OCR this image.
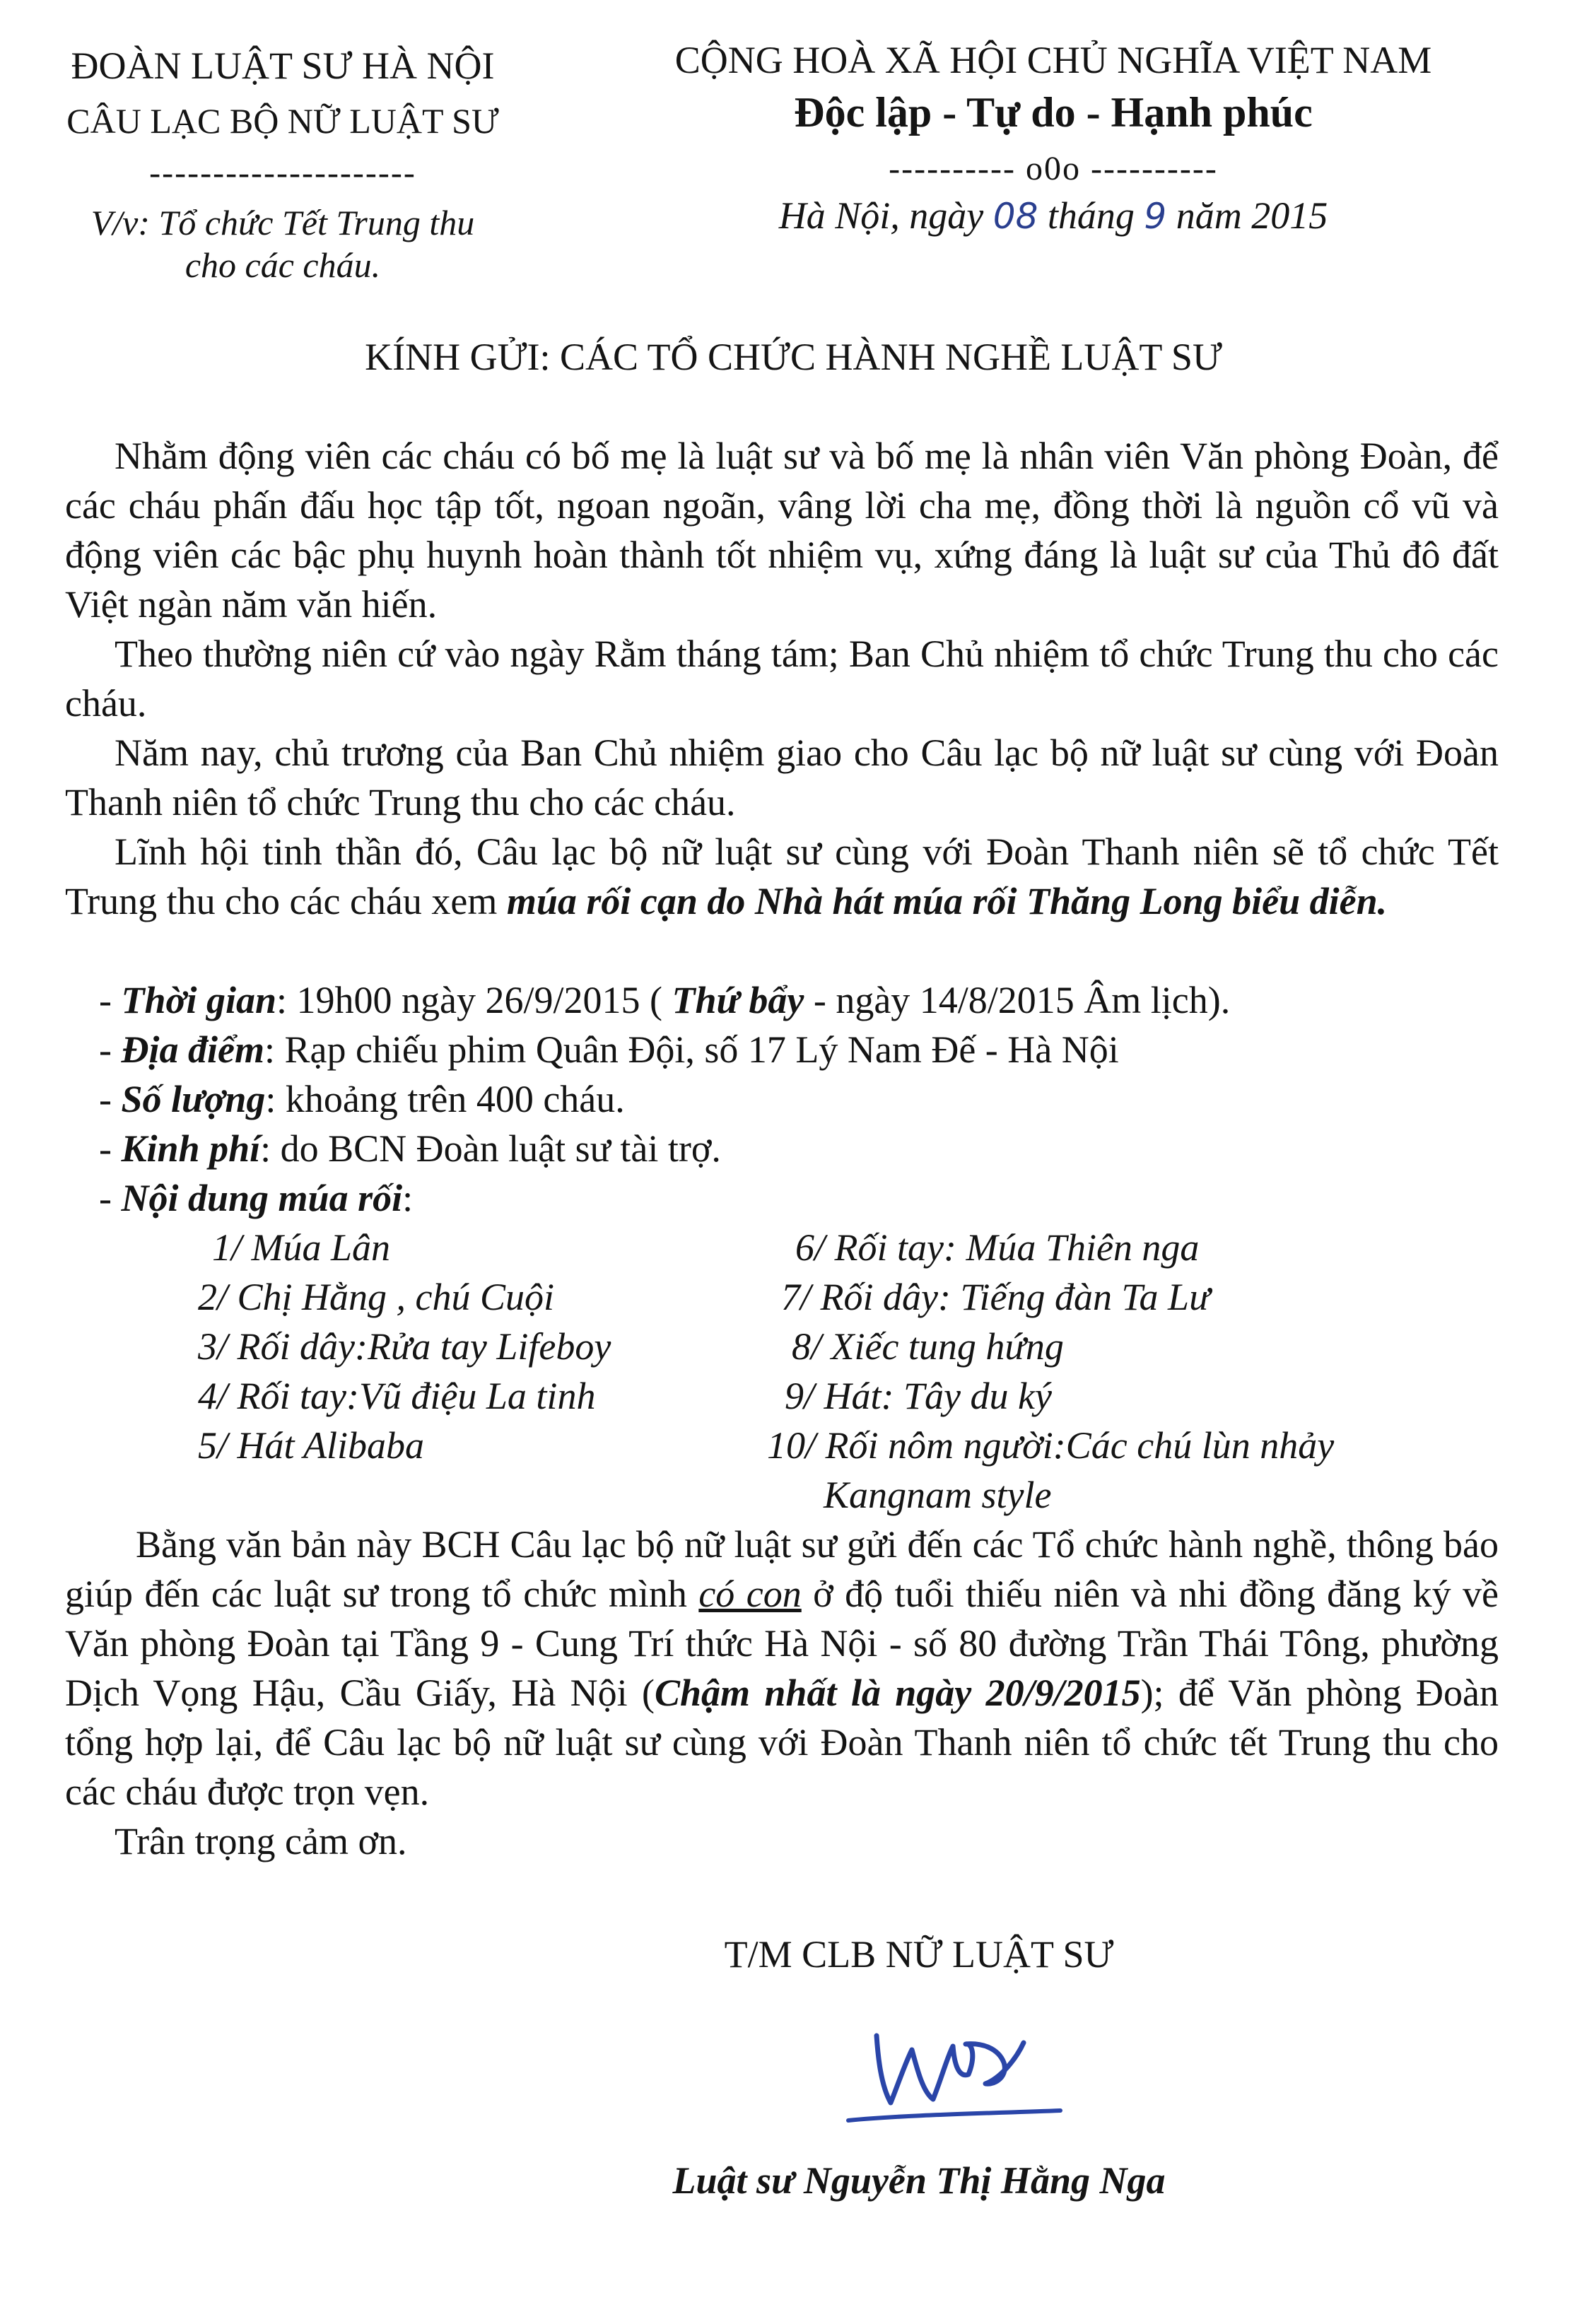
ĐOÀN LUẬT SƯ HÀ NỘI
CÂU LẠC BỘ NỮ LUẬT SƯ
---------------------
V/v: Tổ chức Tết Trung thu
cho các cháu.
CỘNG HOÀ XÃ HỘI CHỦ NGHĨA VIỆT NAM
Độc lập - Tự do - Hạnh phúc
---------- o0o ----------
Hà Nội, ngày 08 tháng 9 năm 2015
KÍNH GỬI: CÁC TỔ CHỨC HÀNH NGHỀ LUẬT SƯ
Nhằm động viên các cháu có bố mẹ là luật sư và bố mẹ là nhân viên Văn phòng Đoàn, để các cháu phấn đấu học tập tốt, ngoan ngoãn, vâng lời cha mẹ, đồng thời là nguồn cổ vũ và động viên các bậc phụ huynh hoàn thành tốt nhiệm vụ, xứng đáng là luật sư của Thủ đô đất Việt ngàn năm văn hiến.
Theo thường niên cứ vào ngày Rằm tháng tám; Ban Chủ nhiệm tổ chức Trung thu cho các cháu.
Năm nay, chủ trương của Ban Chủ nhiệm giao cho Câu lạc bộ nữ luật sư cùng với Đoàn Thanh niên tổ chức Trung thu cho các cháu.
Lĩnh hội tinh thần đó, Câu lạc bộ nữ luật sư cùng với Đoàn Thanh niên sẽ tổ chức Tết Trung thu cho các cháu xem múa rối cạn do Nhà hát múa rối Thăng Long biểu diễn.
- Thời gian: 19h00 ngày 26/9/2015 ( Thứ bẩy - ngày 14/8/2015 Âm lịch).
- Địa điểm: Rạp chiếu phim Quân Đội, số 17 Lý Nam Đế - Hà Nội
- Số lượng: khoảng trên 400 cháu.
- Kinh phí: do BCN Đoàn luật sư tài trợ.
- Nội dung múa rối:
1/ Múa Lân
2/ Chị Hằng , chú Cuội
3/ Rối dây:Rửa tay Lifeboy
4/ Rối tay:Vũ điệu La tinh
5/ Hát Alibaba
6/ Rối tay: Múa Thiên nga
7/ Rối dây: Tiếng đàn Ta Lư
8/ Xiếc tung hứng
9/ Hát: Tây du ký
10/ Rối nôm người:Các chú lùn nhảy
Kangnam style
Bằng văn bản này BCH Câu lạc bộ nữ luật sư gửi đến các Tổ chức hành nghề, thông báo giúp đến các luật sư trong tổ chức mình có con ở độ tuổi thiếu niên và nhi đồng đăng ký về Văn phòng Đoàn tại Tầng 9 - Cung Trí thức Hà Nội - số 80 đường Trần Thái Tông, phường Dịch Vọng Hậu, Cầu Giấy, Hà Nội (Chậm nhất là ngày 20/9/2015); để Văn phòng Đoàn tổng hợp lại, để Câu lạc bộ nữ luật sư cùng với Đoàn Thanh niên tổ chức tết Trung thu cho các cháu được trọn vẹn.
Trân trọng cảm ơn.
T/M CLB NỮ LUẬT SƯ
Luật sư Nguyễn Thị Hằng Nga
